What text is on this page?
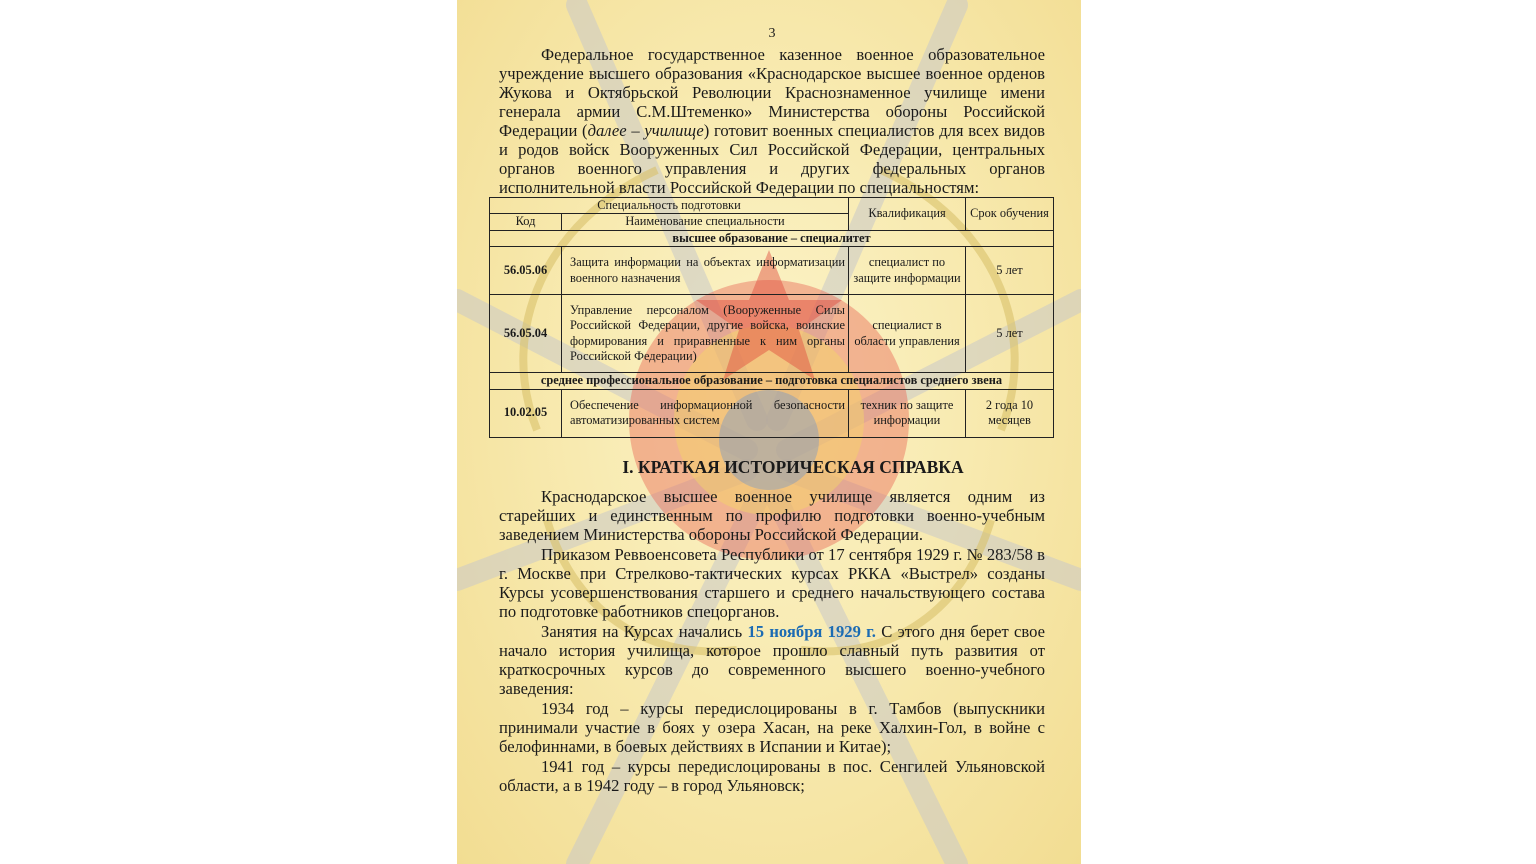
3

Федеральное государственное казенное военное образовательное учреждение высшего образования «Краснодарское высшее военное орденов Жукова и Октябрьской Революции Краснознаменное училище имени генерала армии С.М.Штеменко» Министерства обороны Российской Федерации (далее – училище) готовит военных специалистов для всех видов и родов войск Вооруженных Сил Российской Федерации, центральных органов военного управления и других федеральных органов исполнительной власти Российской Федерации по специальностям:

Специальность подготовки		Квалификация	Срок обучения
Код	Наименование специальности		
высшее образование – специалитет			
56.05.06	Защита информации на объектах информатизации военного назначения	специалист по защите информации	5 лет
56.05.04	Управление персоналом (Вооруженные Силы Российской Федерации, другие войска, воинские формирования и приравненные к ним органы Российской Федерации)	специалист в области управления	5 лет
среднее профессиональное образование – подготовка специалистов среднего звена			
10.02.05	Обеспечение информационной безопасности автоматизированных систем	техник по защите информации	2 года 10 месяцев
I. КРАТКАЯ ИСТОРИЧЕСКАЯ СПРАВКА

Краснодарское высшее военное училище является одним из старейших и единственным по профилю подготовки военно-учебным заведением Министерства обороны Российской Федерации.

Приказом Реввоенсовета Республики от 17 сентября 1929 г. № 283/58 в г. Москве при Стрелково-тактических курсах РККА «Выстрел» созданы Курсы усовершенствования старшего и среднего начальствующего состава по подготовке работников спецорганов.

Занятия на Курсах начались 15 ноября 1929 г. С этого дня берет свое начало история училища, которое прошло славный путь развития от краткосрочных курсов до современного высшего военно-учебного заведения:

1934 год – курсы передислоцированы в г. Тамбов (выпускники принимали участие в боях у озера Хасан, на реке Халхин-Гол, в войне с белофиннами, в боевых действиях в Испании и Китае);

1941 год – курсы передислоцированы в пос. Сенгилей Ульяновской области, а в 1942 году – в город Ульяновск;
